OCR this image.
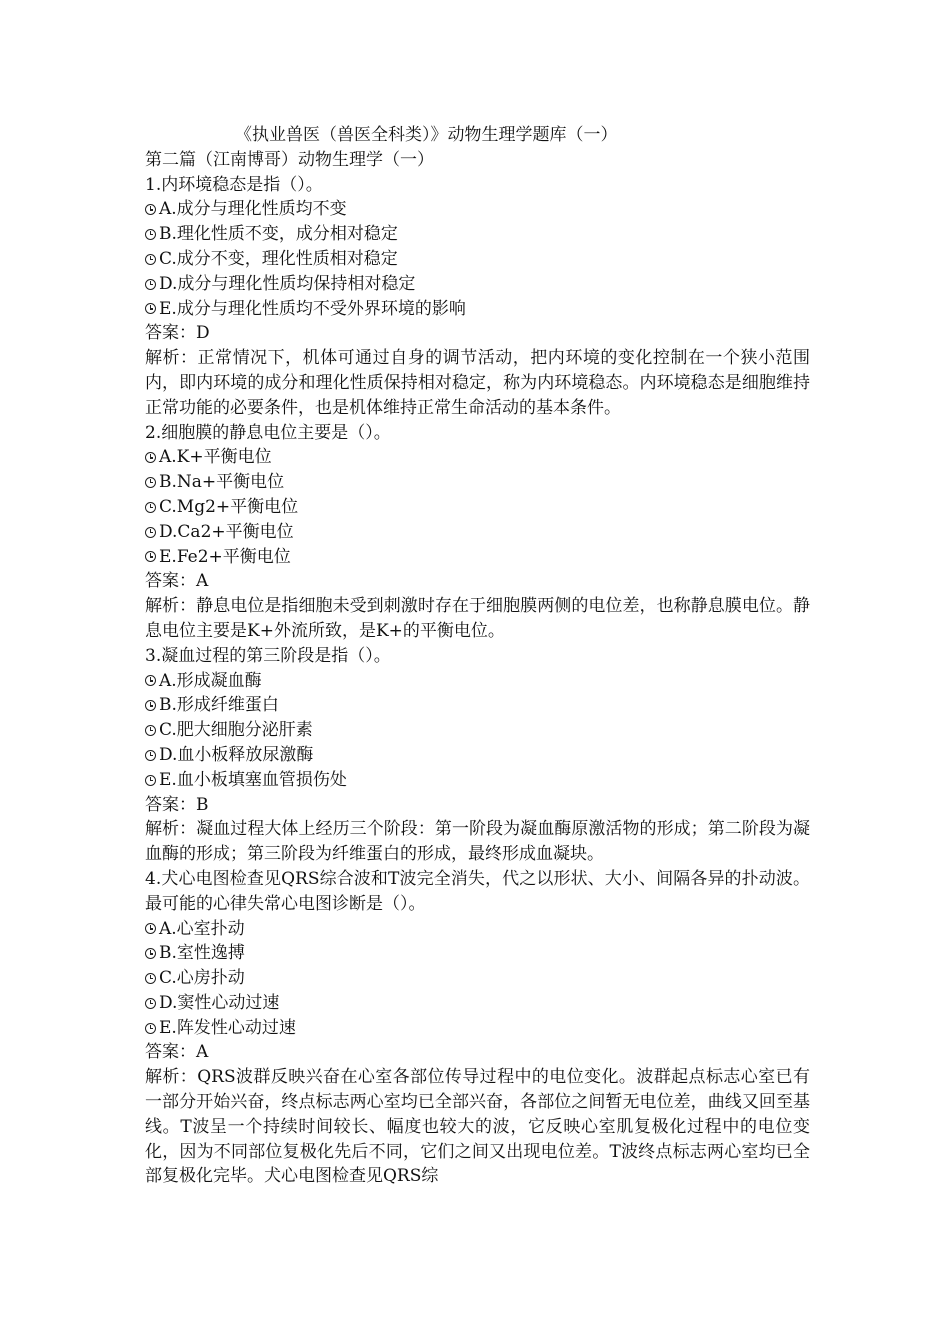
《执业兽医（兽医全科类）》动物生理学题库（一）

第二篇（江南博哥）动物生理学（一）

1.内环境稳态是指（）。

A.成分与理化性质均不变
B.理化性质不变，成分相对稳定
C.成分不变，理化性质相对稳定
D.成分与理化性质均保持相对稳定
E.成分与理化性质均不受外界环境的影响

答案：D

解析：正常情况下，机体可通过自身的调节活动，把内环境的变化控制在一个狭小范围内，即内环境的成分和理化性质保持相对稳定，称为内环境稳态。内环境稳态是细胞维持正常功能的必要条件，也是机体维持正常生命活动的基本条件。

2.细胞膜的静息电位主要是（）。

A.K+平衡电位
B.Na+平衡电位
C.Mg2+平衡电位
D.Ca2+平衡电位
E.Fe2+平衡电位

答案：A

解析：静息电位是指细胞未受到刺激时存在于细胞膜两侧的电位差，也称静息膜电位。静息电位主要是K+外流所致，是K+的平衡电位。

3.凝血过程的第三阶段是指（）。

A.形成凝血酶
B.形成纤维蛋白
C.肥大细胞分泌肝素
D.血小板释放尿激酶
E.血小板填塞血管损伤处

答案：B

解析：凝血过程大体上经历三个阶段：第一阶段为凝血酶原激活物的形成；第二阶段为凝血酶的形成；第三阶段为纤维蛋白的形成，最终形成血凝块。

4.犬心电图检查见QRS综合波和T波完全消失，代之以形状、大小、间隔各异的扑动波。最可能的心律失常心电图诊断是（）。

A.心室扑动
B.室性逸搏
C.心房扑动
D.窦性心动过速
E.阵发性心动过速

答案：A

解析：QRS波群反映兴奋在心室各部位传导过程中的电位变化。波群起点标志心室已有一部分开始兴奋，终点标志两心室均已全部兴奋，各部位之间暂无电位差，曲线又回至基线。T波呈一个持续时间较长、幅度也较大的波，它反映心室肌复极化过程中的电位变化，因为不同部位复极化先后不同，它们之间又出现电位差。T波终点标志两心室均已全部复极化完毕。犬心电图检查见QRS综
